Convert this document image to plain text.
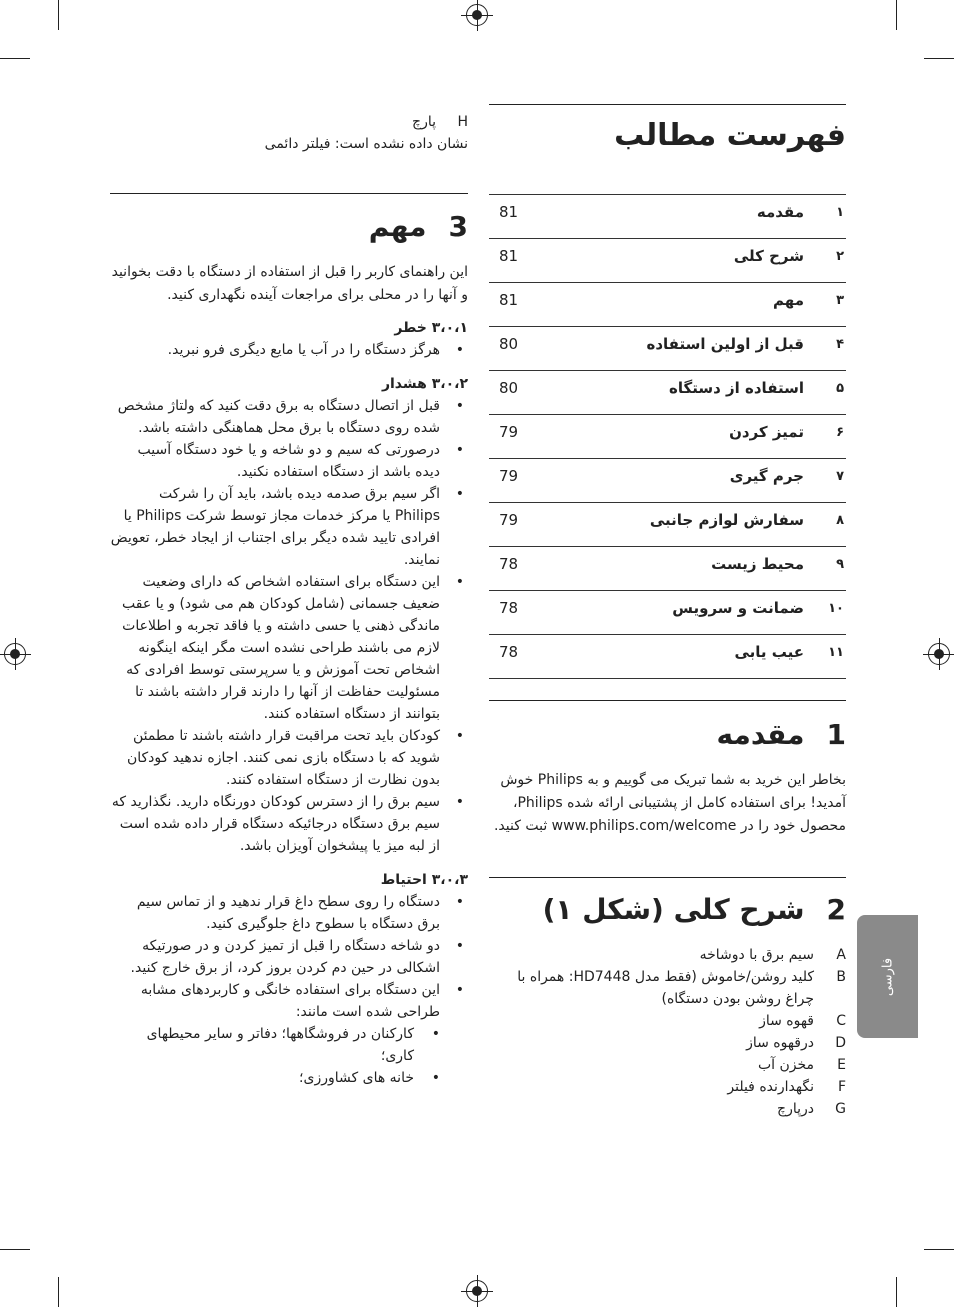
فهرست مطالب
١
مقدمه
81
٢
شرح کلی
81
٣
مهم
81
۴
قبل از اولین استفاده
80
۵
استفاده از دستگاه
80
۶
تمیز کردن
79
٧
جرم گیری
79
٨
سفارش لوازم جانبی
79
٩
محیط زیست
78
١٠
ضمانت و سرویس
78
١١
عیب یابی
78
1
مقدمه

بخاطر این خرید به شما تبریک می گوییم و به Philips خوش آمدید! برای استفاده کامل از پشتیبانی ارائه شده Philips، محصول خود را در www.philips.com/welcome ثبت کنید.

2
شرح کلی (شکل ۱)
A
سیم برق با دوشاخه
B
کلید روشن/خاموش (فقط مدل HD7448: همراه با چراغ روشن بودن دستگاه)
C
قهوه ساز
D
درقهوه ساز
E
مخزن آب
F
نگهدارنده فیلتر
G
درپارچ
H
پارچ

نشان داده نشده است: فیلتر دائمی

3
مهم

این راهنمای کاربر را قبل از استفاده از دستگاه با دقت بخوانید و آنها را در محلی برای مراجعات آینده نگهداری کنید.

۳،۰،۱ خطر
• هرگز دستگاه را در آب یا مایع دیگری فرو نبرید.
۳،۰،۲ هشدار
• قبل از اتصال دستگاه به برق دقت کنید که ولتاژ مشخص شده روی دستگاه با برق محل هماهنگی داشته باشد.
• درصورتی که سیم و دو شاخه و یا خود دستگاه آسیب دیده باشد از دستگاه استفاده نکنید.
• اگر سیم برق صدمه دیده باشد، باید آن را شرکت Philips یا مرکز خدمات مجاز توسط شرکت Philips یا افرادی تایید شده دیگر برای اجتناب از ایجاد خطر، تعویض نمایند.
• این دستگاه برای استفاده اشخاص که دارای وضعیت ضعیف جسمانی (شامل کودکان هم می شود) و یا عقب ماندگی ذهنی یا حسی داشته و یا فاقد تجربه و اطلاعات لازم می باشند طراحی نشده است مگر اینکه اینگونه اشخاص تحت آموزش و یا سرپرستی توسط افرادی که مسئولیت حفاظت از آنها را دارند قرار داشته باشند تا بتوانند از دستگاه استفاده کنند.
• کودکان باید تحت مراقبت قرار داشته باشند تا مطمئن شوید که با دستگاه بازی نمی کنند. اجازه ندهید کودکان بدون نظارت از دستگاه استفاده کنند.
• سیم برق را از دسترس کودکان دورنگاه دارید. نگذارید که سیم برق دستگاه درجائیکه دستگاه قرار داده شده است از لبه میز یا پیشخوان آویزان باشد.
۳،۰،۳ احتیاط
• دستگاه را روی سطح داغ قرار ندهید و از تماس سیم برق دستگاه با سطوح داغ جلوگیری کنید.
• دو شاخه دستگاه را قبل از تمیز کردن و در صورتیکه اشکالی در حین دم کردن بروز کرد، از برق خارج کنید.
• این دستگاه برای استفاده خانگی و کاربردهای مشابه طراحی شده است مانند:
• کارکنان در فروشگاهها؛ دفاتر و سایر محیطهای کاری؛
• خانه های کشاورزی؛
فارسی
